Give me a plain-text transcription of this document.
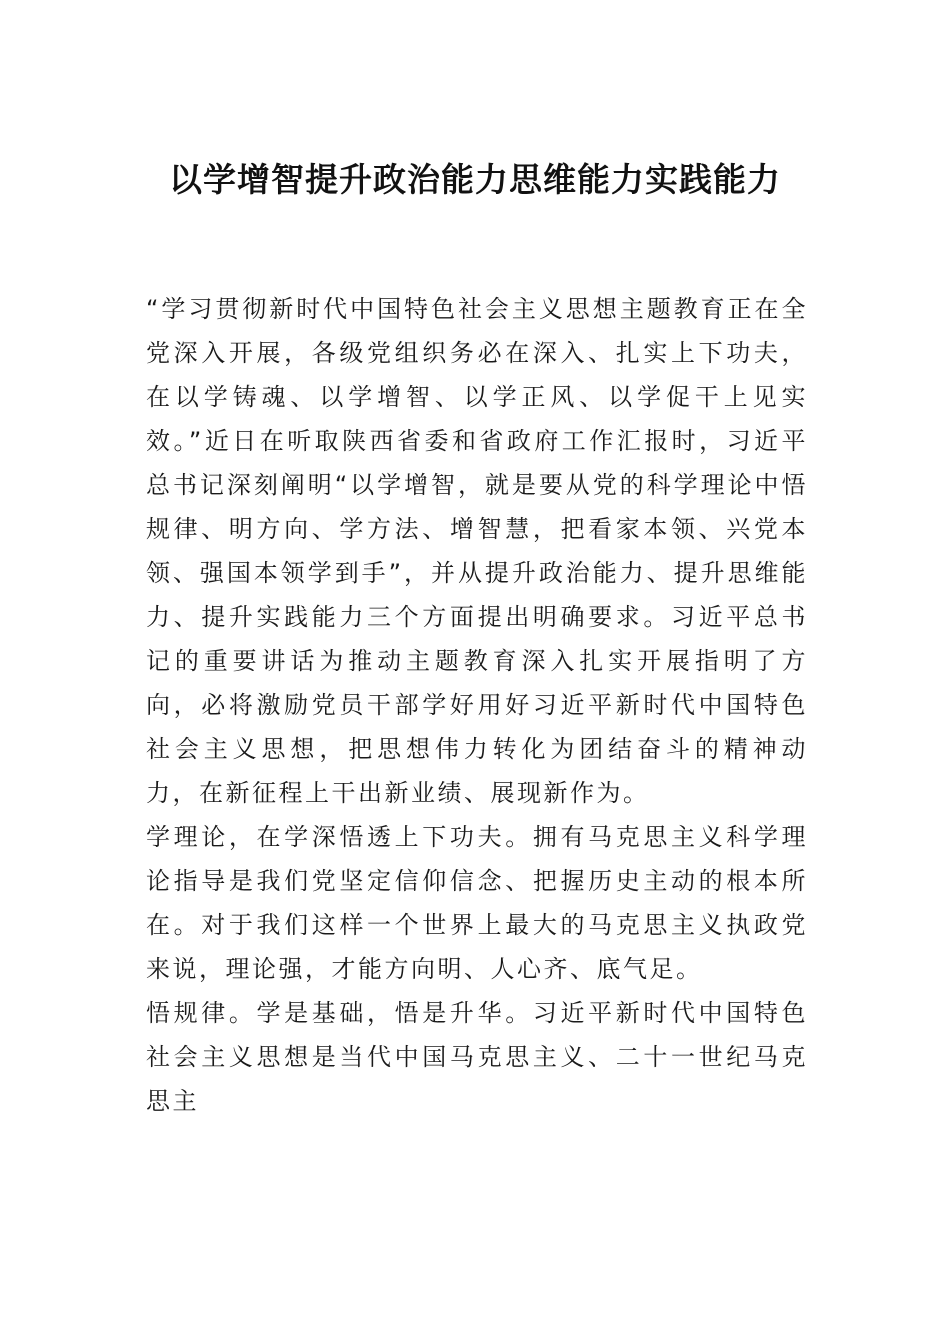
以学增智提升政治能力思维能力实践能力

“学习贯彻新时代中国特色社会主义思想主题教育正在全党深入开展，各级党组织务必在深入、扎实上下功夫，在以学铸魂、以学增智、以学正风、以学促干上见实效。”近日在听取陕西省委和省政府工作汇报时，习近平总书记深刻阐明“以学增智，就是要从党的科学理论中悟规律、明方向、学方法、增智慧，把看家本领、兴党本领、强国本领学到手”，并从提升政治能力、提升思维能力、提升实践能力三个方面提出明确要求。习近平总书记的重要讲话为推动主题教育深入扎实开展指明了方向，必将激励党员干部学好用好习近平新时代中国特色社会主义思想，把思想伟力转化为团结奋斗的精神动力，在新征程上干出新业绩、展现新作为。

学理论，在学深悟透上下功夫。拥有马克思主义科学理论指导是我们党坚定信仰信念、把握历史主动的根本所在。对于我们这样一个世界上最大的马克思主义执政党来说，理论强，才能方向明、人心齐、底气足。

悟规律。学是基础，悟是升华。习近平新时代中国特色社会主义思想是当代中国马克思主义、二十一世纪马克思主
